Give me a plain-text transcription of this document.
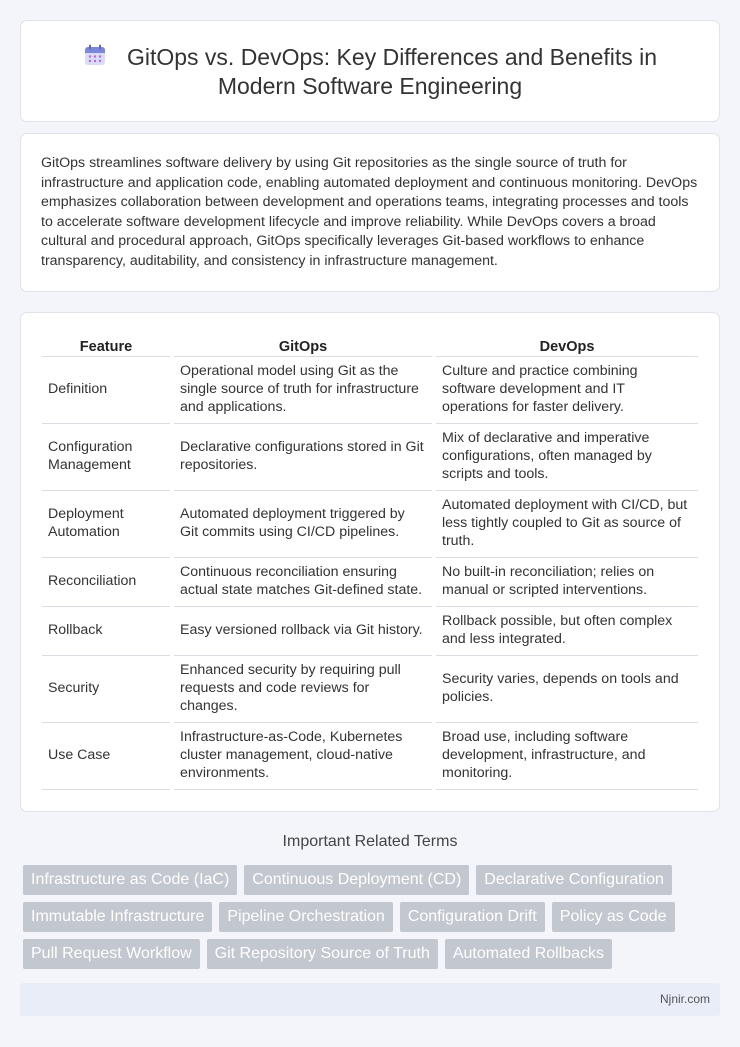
GitOps vs. DevOps: Key Differences and Benefits in Modern Software Engineering

GitOps streamlines software delivery by using Git repositories as the single source of truth for infrastructure and application code, enabling automated deployment and continuous monitoring. DevOps emphasizes collaboration between development and operations teams, integrating processes and tools to accelerate software development lifecycle and improve reliability. While DevOps covers a broad cultural and procedural approach, GitOps specifically leverages Git-based workflows to enhance transparency, auditability, and consistency in infrastructure management.

Feature		GitOps		DevOps
Definition		Operational model using Git as the single source of truth for infrastructure and applications.		Culture and practice combining software development and IT operations for faster delivery.
Configuration Management		Declarative configurations stored in Git repositories.		Mix of declarative and imperative configurations, often managed by scripts and tools.
Deployment Automation		Automated deployment triggered by Git commits using CI/CD pipelines.		Automated deployment with CI/CD, but less tightly coupled to Git as source of truth.
Reconciliation		Continuous reconciliation ensuring actual state matches Git-defined state.		No built-in reconciliation; relies on manual or scripted interventions.
Rollback		Easy versioned rollback via Git history.		Rollback possible, but often complex and less integrated.
Security		Enhanced security by requiring pull requests and code reviews for changes.		Security varies, depends on tools and policies.
Use Case		Infrastructure-as-Code, Kubernetes cluster management, cloud-native environments.		Broad use, including software development, infrastructure, and monitoring.
Important Related Terms
Infrastructure as Code (IaC)	Continuous Deployment (CD)	Declarative Configuration
Immutable Infrastructure	Pipeline Orchestration	Configuration Drift	Policy as Code
Pull Request Workflow	Git Repository Source of Truth	Automated Rollbacks
Njnir.com
